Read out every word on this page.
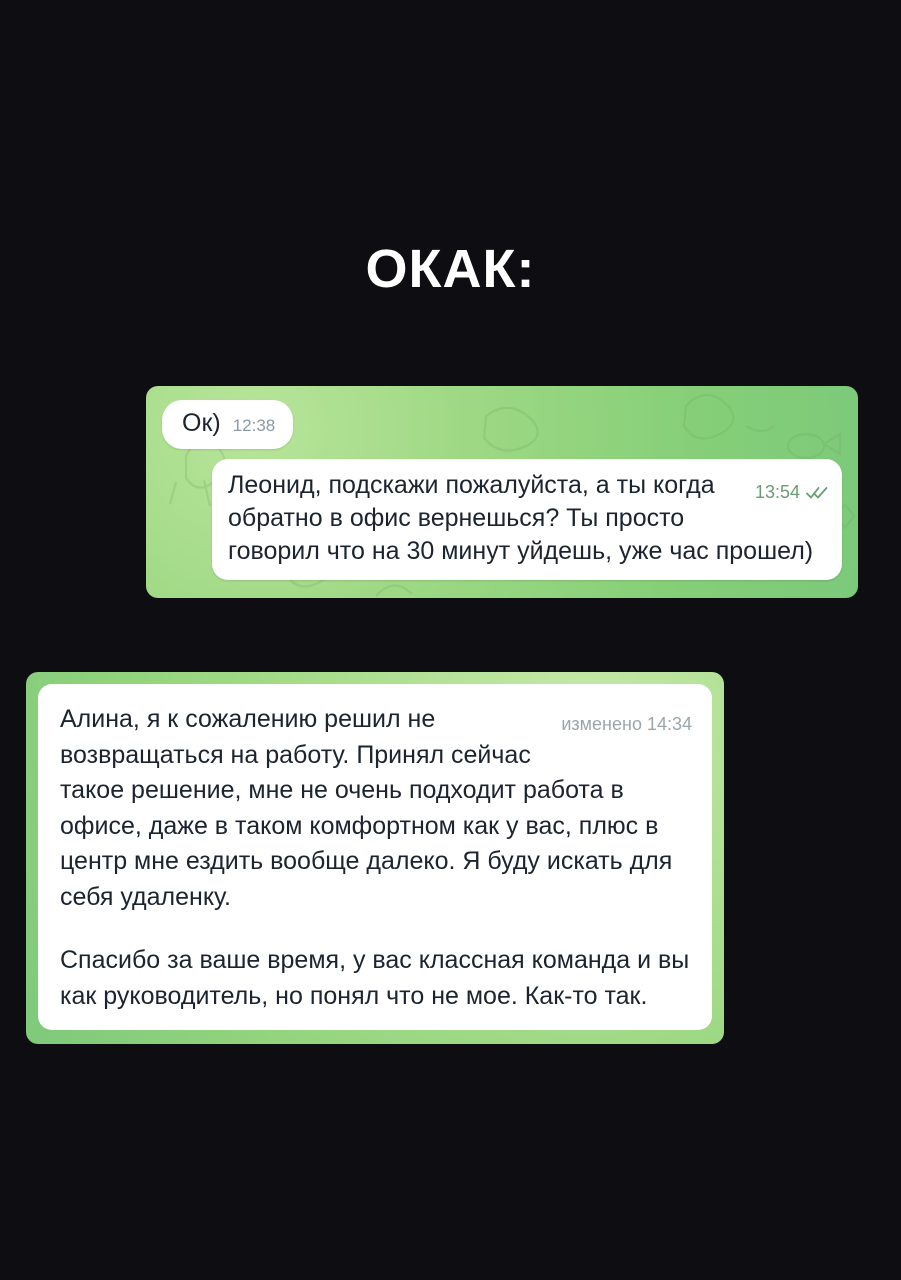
ОКАК:
Ок) 12:38
13:54
Леонид, подскажи пожалуйста, а ты когда обратно в офис вернешься? Ты просто говорил что на 30 минут уйдешь, уже час прошел)
изменено 14:34

Алина, я к сожалению решил не возвращаться на работу. Принял сейчас такое решение, мне не очень подходит работа в офисе, даже в таком комфортном как у вас, плюс в центр мне ездить вообще далеко. Я буду искать для себя удаленку.

Спасибо за ваше время, у вас классная команда и вы как руководитель, но понял что не мое. Как-то так.
